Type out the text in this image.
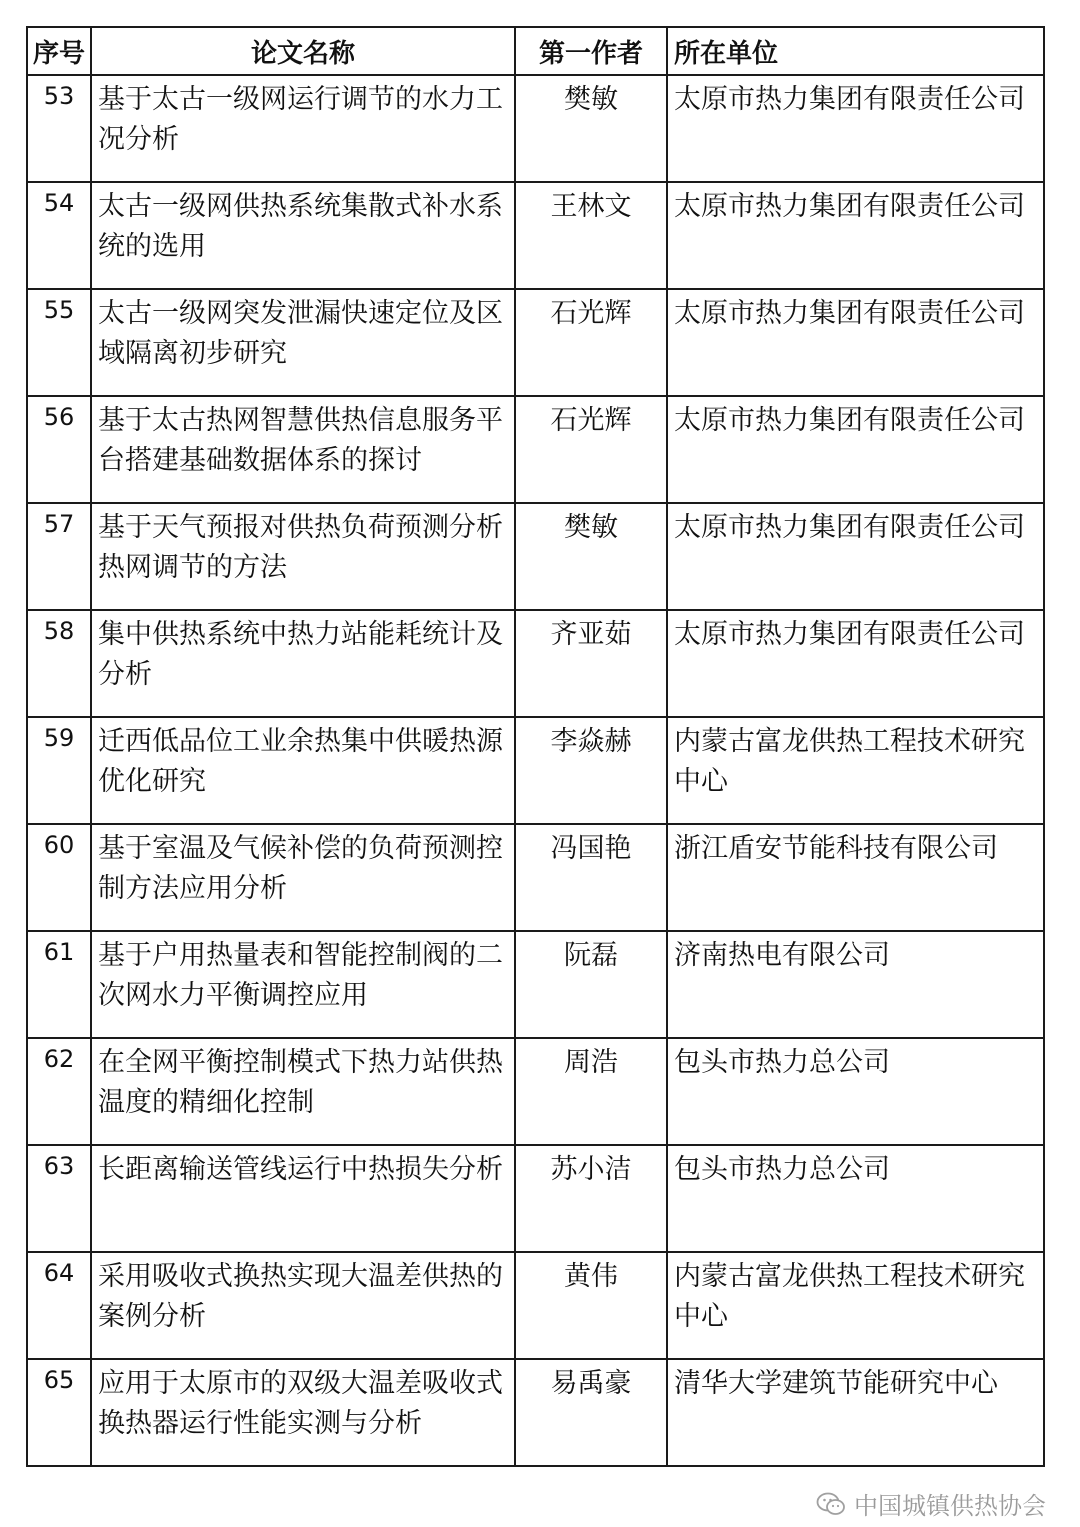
序号	论文名称	第一作者	所在单位
53	基于太古一级网运行调节的水力工况分析	樊敏	太原市热力集团有限责任公司
54	太古一级网供热系统集散式补水系统的选用	王林文	太原市热力集团有限责任公司
55	太古一级网突发泄漏快速定位及区域隔离初步研究	石光辉	太原市热力集团有限责任公司
56	基于太古热网智慧供热信息服务平台搭建基础数据体系的探讨	石光辉	太原市热力集团有限责任公司
57	基于天气预报对供热负荷预测分析热网调节的方法	樊敏	太原市热力集团有限责任公司
58	集中供热系统中热力站能耗统计及分析	齐亚茹	太原市热力集团有限责任公司
59	迁西低品位工业余热集中供暖热源优化研究	李焱赫	内蒙古富龙供热工程技术研究中心
60	基于室温及气候补偿的负荷预测控制方法应用分析	冯国艳	浙江盾安节能科技有限公司
61	基于户用热量表和智能控制阀的二次网水力平衡调控应用	阮磊	济南热电有限公司
62	在全网平衡控制模式下热力站供热温度的精细化控制	周浩	包头市热力总公司
63	长距离输送管线运行中热损失分析	苏小洁	包头市热力总公司
64	采用吸收式换热实现大温差供热的案例分析	黄伟	内蒙古富龙供热工程技术研究中心
65	应用于太原市的双级大温差吸收式换热器运行性能实测与分析	易禹豪	清华大学建筑节能研究中心
中国城镇供热协会
